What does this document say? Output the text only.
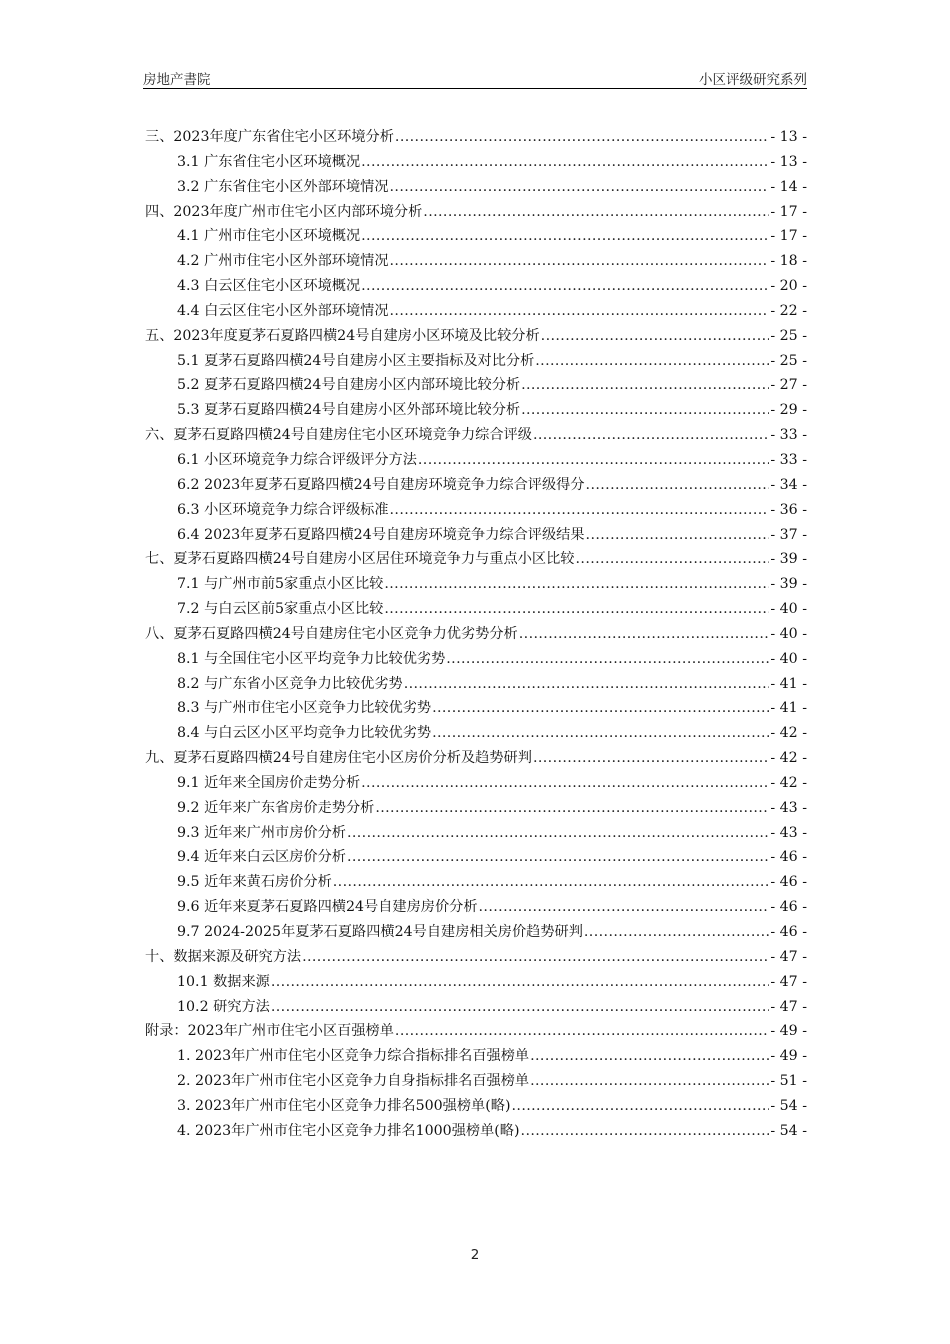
房地产書院	小区评级研究系列
三、2023年度广东省住宅小区环境分析 .....	- 13 -
3.1 广东省住宅小区环境概况 .....	- 13 -
3.2 广东省住宅小区外部环境情况 .....	- 14 -
四、2023年度广州市住宅小区内部环境分析 .....	- 17 -
4.1 广州市住宅小区环境概况 .....	- 17 -
4.2 广州市住宅小区外部环境情况 .....	- 18 -
4.3 白云区住宅小区环境概况 .....	- 20 -
4.4 白云区住宅小区外部环境情况 .....	- 22 -
五、2023年度夏茅石夏路四横24号自建房小区环境及比较分析 .....	- 25 -
5.1 夏茅石夏路四横24号自建房小区主要指标及对比分析 .....	- 25 -
5.2 夏茅石夏路四横24号自建房小区内部环境比较分析 .....	- 27 -
5.3 夏茅石夏路四横24号自建房小区外部环境比较分析 .....	- 29 -
六、夏茅石夏路四横24号自建房住宅小区环境竞争力综合评级 .....	- 33 -
6.1 小区环境竞争力综合评级评分方法 .....	- 33 -
6.2 2023年夏茅石夏路四横24号自建房环境竞争力综合评级得分 .....	- 34 -
6.3 小区环境竞争力综合评级标准 .....	- 36 -
6.4 2023年夏茅石夏路四横24号自建房环境竞争力综合评级结果 .....	- 37 -
七、夏茅石夏路四横24号自建房小区居住环境竞争力与重点小区比较 .....	- 39 -
7.1 与广州市前5家重点小区比较 .....	- 39 -
7.2 与白云区前5家重点小区比较 .....	- 40 -
八、夏茅石夏路四横24号自建房住宅小区竞争力优劣势分析 .....	- 40 -
8.1 与全国住宅小区平均竞争力比较优劣势 .....	- 40 -
8.2 与广东省小区竞争力比较优劣势 .....	- 41 -
8.3 与广州市住宅小区竞争力比较优劣势 .....	- 41 -
8.4 与白云区小区平均竞争力比较优劣势 .....	- 42 -
九、夏茅石夏路四横24号自建房住宅小区房价分析及趋势研判 .....	- 42 -
9.1 近年来全国房价走势分析 .....	- 42 -
9.2 近年来广东省房价走势分析 .....	- 43 -
9.3 近年来广州市房价分析 .....	- 43 -
9.4 近年来白云区房价分析 .....	- 46 -
9.5 近年来黄石房价分析 .....	- 46 -
9.6 近年来夏茅石夏路四横24号自建房房价分析 .....	- 46 -
9.7 2024-2025年夏茅石夏路四横24号自建房相关房价趋势研判 .....	- 46 -
十、数据来源及研究方法 .....	- 47 -
10.1 数据来源 .....	- 47 -
10.2 研究方法 .....	- 47 -
附录：2023年广州市住宅小区百强榜单 .....	- 49 -
1. 2023年广州市住宅小区竞争力综合指标排名百强榜单 .....	- 49 -
2. 2023年广州市住宅小区竞争力自身指标排名百强榜单 .....	- 51 -
3. 2023年广州市住宅小区竞争力排名500强榜单(略) .....	- 54 -
4. 2023年广州市住宅小区竞争力排名1000强榜单(略) .....	- 54 -
2
